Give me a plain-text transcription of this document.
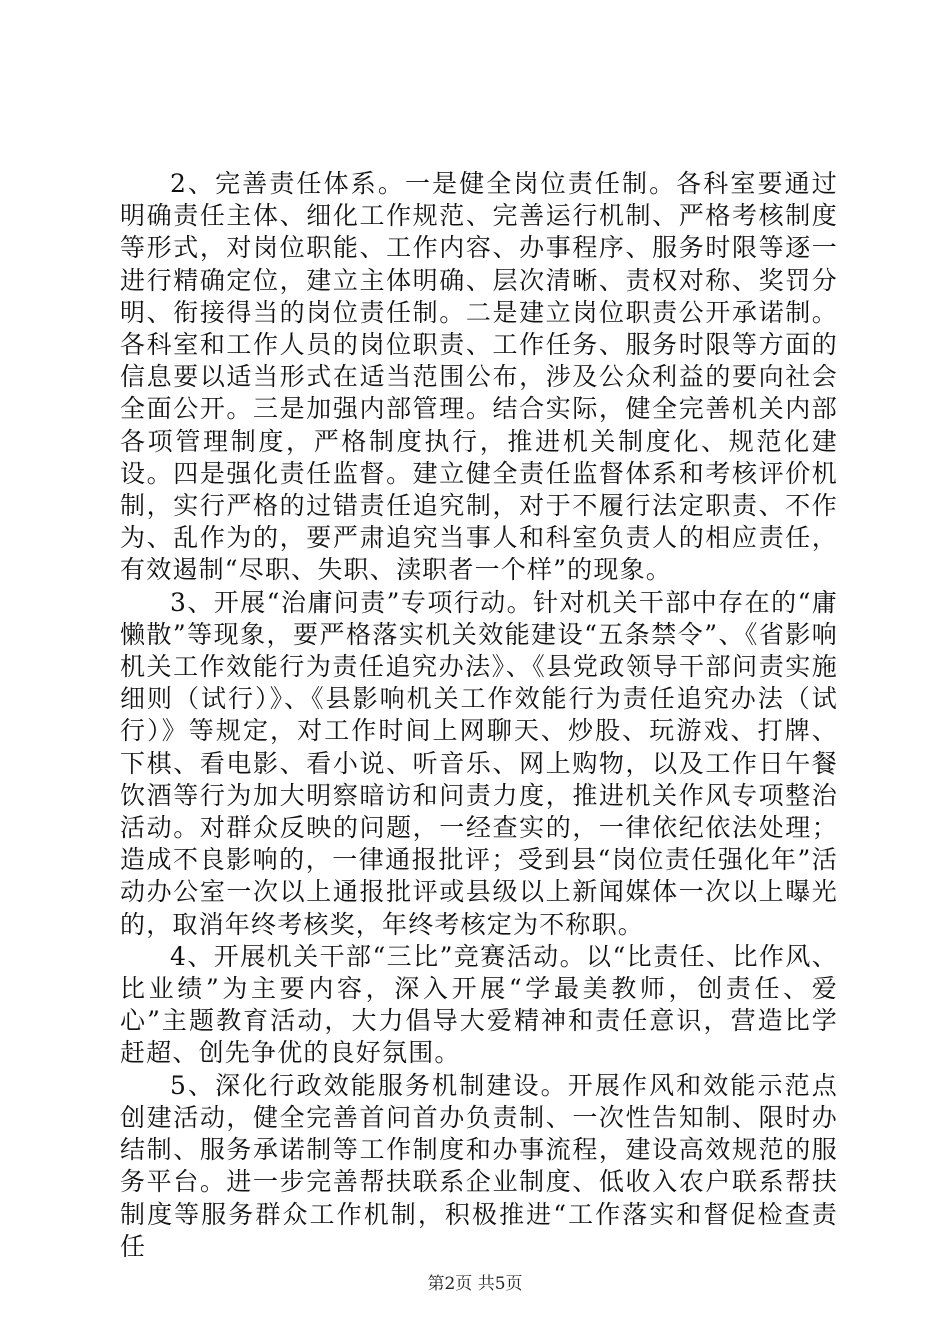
2、完善责任体系。一是健全岗位责任制。各科室要通过明确责任主体、细化工作规范、完善运行机制、严格考核制度等形式，对岗位职能、工作内容、办事程序、服务时限等逐一进行精确定位，建立主体明确、层次清晰、责权对称、奖罚分明、衔接得当的岗位责任制。二是建立岗位职责公开承诺制。各科室和工作人员的岗位职责、工作任务、服务时限等方面的信息要以适当形式在适当范围公布，涉及公众利益的要向社会全面公开。三是加强内部管理。结合实际，健全完善机关内部各项管理制度，严格制度执行，推进机关制度化、规范化建设。四是强化责任监督。建立健全责任监督体系和考核评价机制，实行严格的过错责任追究制，对于不履行法定职责、不作为、乱作为的，要严肃追究当事人和科室负责人的相应责任，有效遏制“尽职、失职、渎职者一个样”的现象。

3、开展“治庸问责”专项行动。针对机关干部中存在的“庸懒散”等现象，要严格落实机关效能建设“五条禁令”、《省影响机关工作效能行为责任追究办法》、《县党政领导干部问责实施细则（试行）》、《县影响机关工作效能行为责任追究办法（试行）》等规定，对工作时间上网聊天、炒股、玩游戏、打牌、下棋、看电影、看小说、听音乐、网上购物，以及工作日午餐饮酒等行为加大明察暗访和问责力度，推进机关作风专项整治活动。对群众反映的问题，一经查实的，一律依纪依法处理；造成不良影响的，一律通报批评；受到县“岗位责任强化年”活动办公室一次以上通报批评或县级以上新闻媒体一次以上曝光的，取消年终考核奖，年终考核定为不称职。

4、开展机关干部“三比”竞赛活动。以“比责任、比作风、比业绩”为主要内容，深入开展“学最美教师，创责任、爱心”主题教育活动，大力倡导大爱精神和责任意识，营造比学赶超、创先争优的良好氛围。

5、深化行政效能服务机制建设。开展作风和效能示范点创建活动，健全完善首问首办负责制、一次性告知制、限时办结制、服务承诺制等工作制度和办事流程，建设高效规范的服务平台。进一步完善帮扶联系企业制度、低收入农户联系帮扶制度等服务群众工作机制，积极推进“工作落实和督促检查责任

第2页 共5页
